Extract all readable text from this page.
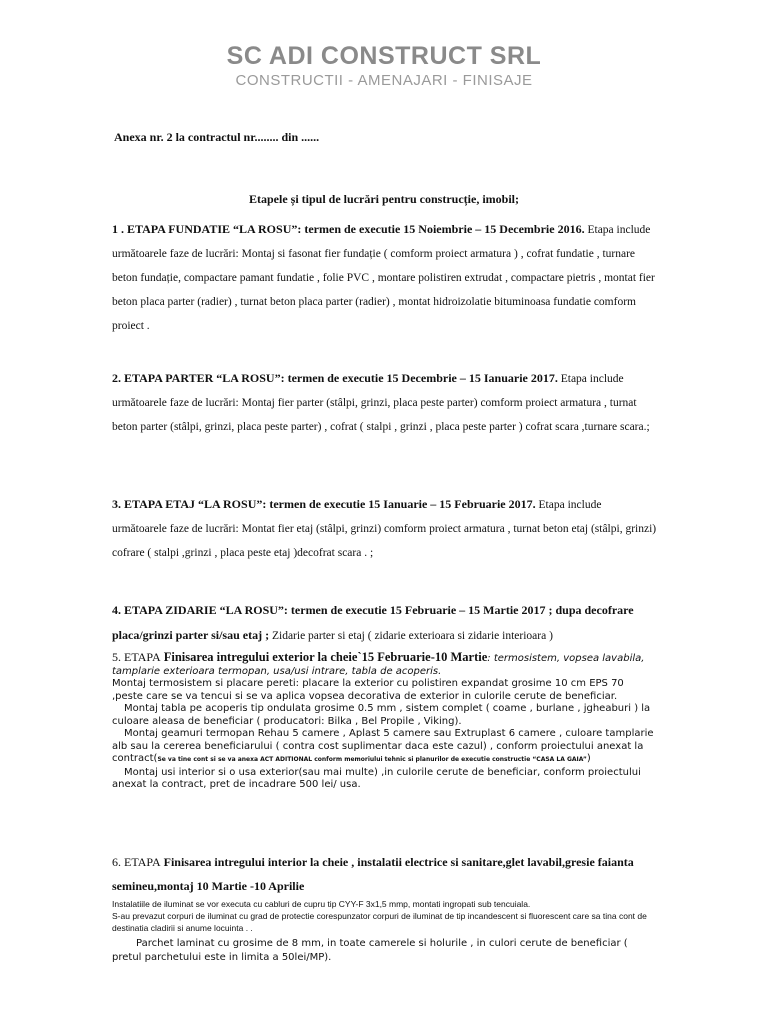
SC ADI CONSTRUCT SRL
CONSTRUCTII - AMENAJARI - FINISAJE
Anexa nr. 2 la contractul nr........ din ......
Etapele și tipul de lucrări pentru construcție, imobil;
1 . ETAPA FUNDATIE “LA ROSU”: termen de executie 15 Noiembrie – 15 Decembrie 2016. Etapa include următoarele faze de lucrări: Montaj si fasonat fier fundație ( comform proiect armatura ) , cofrat fundatie , turnare beton fundație, compactare pamant fundatie , folie PVC , montare polistiren extrudat , compactare pietris , montat fier beton placa parter (radier) , turnat beton placa parter (radier) , montat hidroizolatie bituminoasa fundatie comform proiect .
2. ETAPA PARTER “LA ROSU”: termen de executie 15 Decembrie – 15 Ianuarie 2017. Etapa include următoarele faze de lucrări: Montaj fier parter (stâlpi, grinzi, placa peste parter) comform proiect armatura , turnat beton parter (stâlpi, grinzi, placa peste parter) , cofrat ( stalpi , grinzi , placa peste parter ) cofrat scara ,turnare scara.;
3. ETAPA ETAJ “LA ROSU”: termen de executie 15 Ianuarie – 15 Februarie 2017. Etapa include următoarele faze de lucrări: Montat fier etaj (stâlpi, grinzi) comform proiect armatura , turnat beton etaj (stâlpi, grinzi) cofrare ( stalpi ,grinzi , placa peste etaj )decofrat scara . ;
4. ETAPA ZIDARIE “LA ROSU”: termen de executie 15 Februarie – 15 Martie 2017 ; dupa decofrare placa/grinzi parter si/sau etaj ; Zidarie parter si etaj ( zidarie exterioara si zidarie interioara )

5. ETAPA Finisarea intregului exterior la cheie`15 Februarie-10 Martie: termosistem, vopsea lavabila, tamplarie exterioara termopan, usa/usi intrare, tabla de acoperis.

Montaj termosistem si placare pereti: placare la exterior cu polistiren expandat grosime 10 cm EPS 70 ,peste care se va tencui si se va aplica vopsea decorativa de exterior in culorile cerute de beneficiar.

Montaj tabla pe acoperis tip ondulata grosime 0.5 mm , sistem complet ( coame , burlane , jgheaburi ) la culoare aleasa de beneficiar ( producatori: Bilka , Bel Propile , Viking).

Montaj geamuri termopan Rehau 5 camere , Aplast 5 camere sau Extruplast 6 camere , culoare tamplarie alb sau la cererea beneficiarului ( contra cost suplimentar daca este cazul) , conform proiectului anexat la contract(Se va tine cont si se va anexa ACT ADITIONAL conform memoriului tehnic si planurilor de executie constructie “CASA LA GAIA”)

Montaj usi interior si o usa exterior(sau mai multe) ,in culorile cerute de beneficiar, conform proiectului anexat la contract, pret de incadrare 500 lei/ usa.

6. ETAPA Finisarea intregului interior la cheie , instalatii electrice si sanitare,glet lavabil,gresie faianta semineu,montaj 10 Martie -10 Aprilie

Instalatiile de iluminat se vor executa cu cabluri de cupru tip CYY-F 3x1,5 mmp, montati ingropati sub tencuiala.

S-au prevazut corpuri de iluminat cu grad de protectie corespunzator corpuri de iluminat de tip incandescent si fluorescent care sa tina cont de destinatia cladirii si anume locuinta . .

Parchet laminat cu grosime de 8 mm, in toate camerele si holurile , in culori cerute de beneficiar ( pretul parchetului este in limita a 50lei/MP).
